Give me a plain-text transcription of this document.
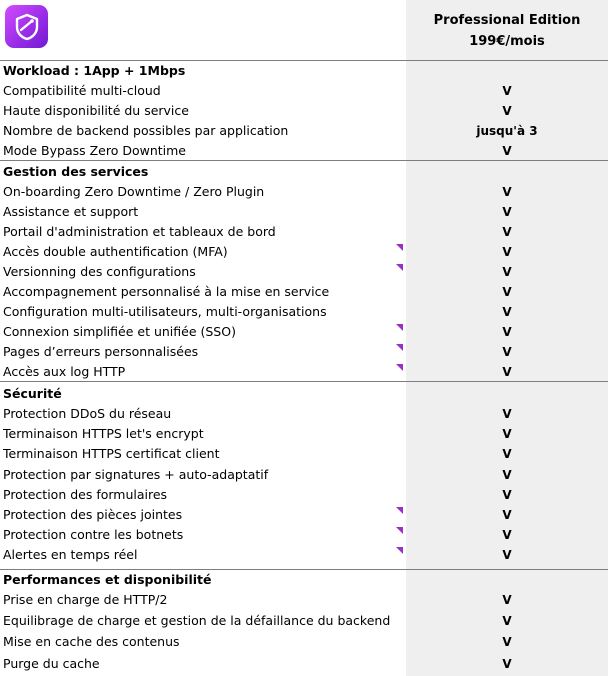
Professional Edition
199€/mois
Workload : 1App + 1Mbps
Compatibilité multi-cloud	V
Haute disponibilité du service	V
Nombre de backend possibles par application	jusqu'à 3
Mode Bypass Zero Downtime	V
Gestion des services
On-boarding Zero Downtime / Zero Plugin	V
Assistance et support	V
Portail d'administration et tableaux de bord	V
Accès double authentification (MFA)	V
Versionning des configurations	V
Accompagnement personnalisé à la mise en service	V
Configuration multi-utilisateurs, multi-organisations	V
Connexion simplifiée et unifiée (SSO)	V
Pages d’erreurs personnalisées	V
Accès aux log HTTP	V
Sécurité
Protection DDoS du réseau	V
Terminaison HTTPS let's encrypt	V
Terminaison HTTPS certificat client	V
Protection par signatures + auto-adaptatif	V
Protection des formulaires	V
Protection des pièces jointes	V
Protection contre les botnets	V
Alertes en temps réel	V
Performances et disponibilité
Prise en charge de HTTP/2	V
Equilibrage de charge et gestion de la défaillance du backend	V
Mise en cache des contenus	V
Purge du cache	V
